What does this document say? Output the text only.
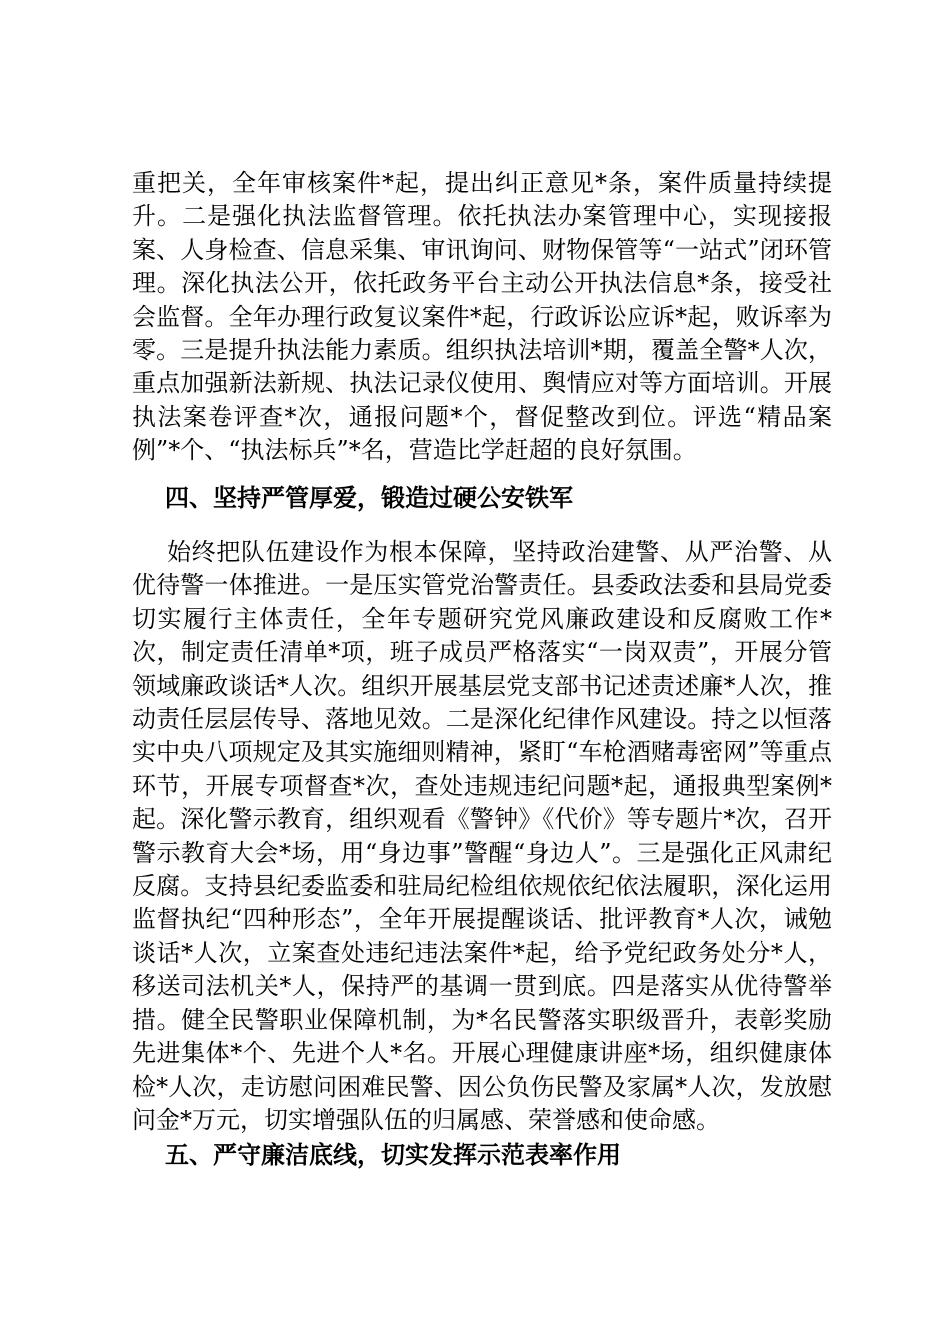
重把关，全年审核案件*起，提出纠正意见*条，案件质量持续提升。二是强化执法监督管理。依托执法办案管理中心，实现接报案、人身检查、信息采集、审讯询问、财物保管等“一站式”闭环管理。深化执法公开，依托政务平台主动公开执法信息*条，接受社会监督。全年办理行政复议案件*起，行政诉讼应诉*起，败诉率为零。三是提升执法能力素质。组织执法培训*期，覆盖全警*人次，重点加强新法新规、执法记录仪使用、舆情应对等方面培训。开展执法案卷评查*次，通报问题*个，督促整改到位。评选“精品案例”*个、“执法标兵”*名，营造比学赶超的良好氛围。

四、坚持严管厚爱，锻造过硬公安铁军

始终把队伍建设作为根本保障，坚持政治建警、从严治警、从优待警一体推进。一是压实管党治警责任。县委政法委和县局党委切实履行主体责任，全年专题研究党风廉政建设和反腐败工作*次，制定责任清单*项，班子成员严格落实“一岗双责”，开展分管领域廉政谈话*人次。组织开展基层党支部书记述责述廉*人次，推动责任层层传导、落地见效。二是深化纪律作风建设。持之以恒落实中央八项规定及其实施细则精神，紧盯“车枪酒赌毒密网”等重点环节，开展专项督查*次，查处违规违纪问题*起，通报典型案例*起。深化警示教育，组织观看《警钟》《代价》等专题片*次，召开警示教育大会*场，用“身边事”警醒“身边人”。三是强化正风肃纪反腐。支持县纪委监委和驻局纪检组依规依纪依法履职，深化运用监督执纪“四种形态”，全年开展提醒谈话、批评教育*人次，诫勉谈话*人次，立案查处违纪违法案件*起，给予党纪政务处分*人，移送司法机关*人，保持严的基调一贯到底。四是落实从优待警举措。健全民警职业保障机制，为*名民警落实职级晋升，表彰奖励先进集体*个、先进个人*名。开展心理健康讲座*场，组织健康体检*人次，走访慰问困难民警、因公负伤民警及家属*人次，发放慰问金*万元，切实增强队伍的归属感、荣誉感和使命感。

五、严守廉洁底线，切实发挥示范表率作用
